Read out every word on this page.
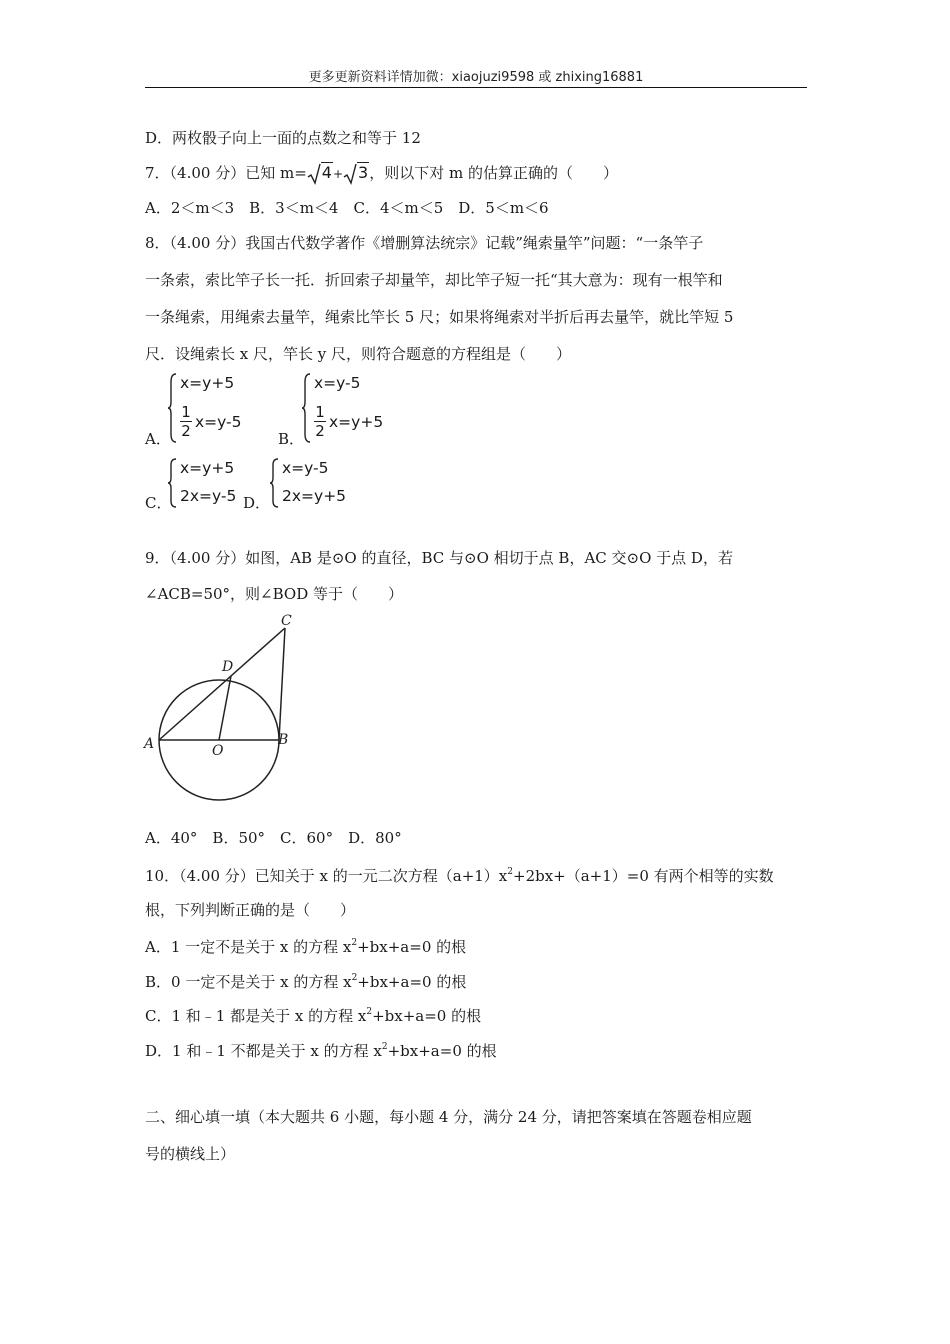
更多更新资料详情加微：xiaojuzi9598 或 zhixing16881
D．两枚骰子向上一面的点数之和等于 12
7．（4.00 分）已知 m= 4+ 3，则以下对 m 的估算正确的（　　）
A．2＜m＜3　B．3＜m＜4　C．4＜m＜5　D．5＜m＜6
8．（4.00 分）我国古代数学著作《增删算法统宗》记载”绳索量竿”问题：“一条竿子
一条索，索比竿子长一托．折回索子却量竿，却比竿子短一托“其大意为：现有一根竿和
一条绳索，用绳索去量竿，绳索比竿长 5 尺；如果将绳索对半折后再去量竿，就比竿短 5
尺．设绳索长 x 尺，竿长 y 尺，则符合题意的方程组是（　　）
A．
x=y+5
1
2 x=y-5
B．
x=y-5
1
2 x=y+5
C．
x=y+5
2x=y-5 D．
x=y-5
2x=y+5
9．（4.00 分）如图，AB 是⊙O 的直径，BC 与⊙O 相切于点 B，AC 交⊙O 于点 D，若
∠ACB=50°，则∠BOD 等于（　　）
A	B
C
D
O
A．40°　B．50°　C．60°　D．80°
10．（4.00 分）已知关于 x 的一元二次方程$(a+1)x^2+2bx+(a+1)=0$ 有两个相等的实数
根，下列判断正确的是（　　）
A．1 一定不是关于 x 的方程 $x^2+bx+a=0$ 的根
B．0 一定不是关于 x 的方程 $x^2+bx+a=0$ 的根
C．1 和﹣1 都是关于 x 的方程 $x^2+bx+a=0$ 的根
D．1 和﹣1 不都是关于 x 的方程 $x^2+bx+a=0$ 的根
二、细心填一填（本大题共 6 小题，每小题 4 分，满分 24 分，请把答案填在答题卷相应题
号的横线上）
